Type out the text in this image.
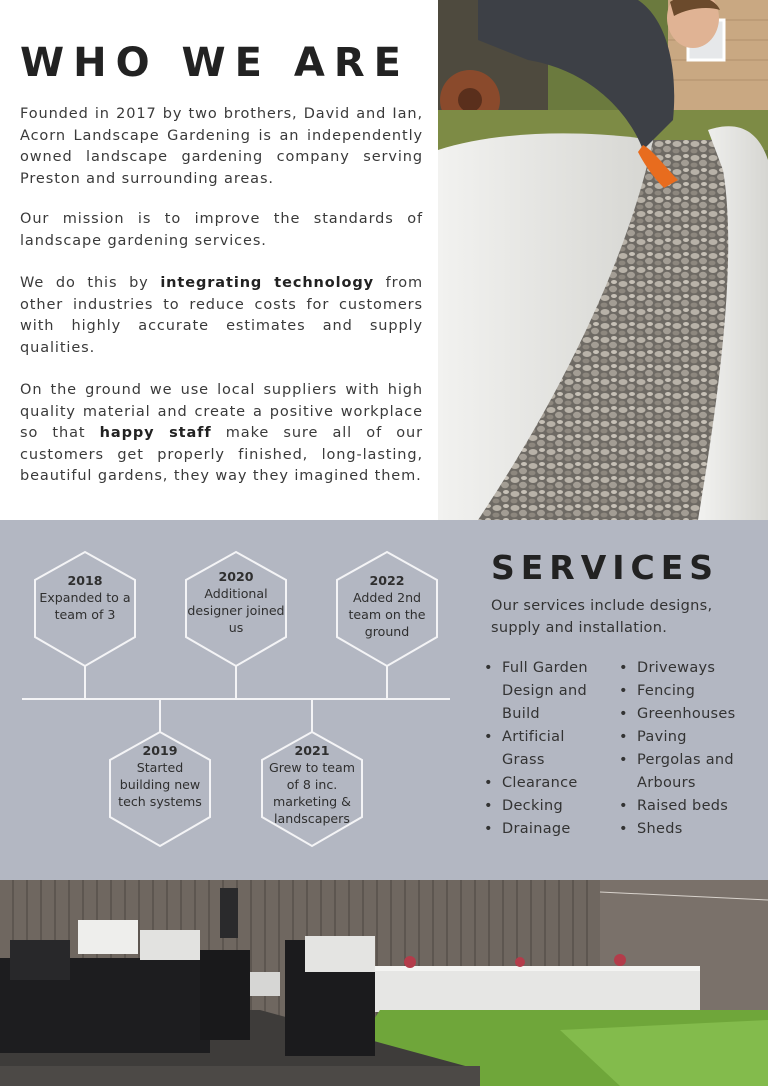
WHO WE ARE

Founded in 2017 by two brothers, David and Ian, Acorn Landscape Gardening is an independently owned landscape gardening company serving Preston and surrounding areas.

Our mission is to improve the standards of landscape gardening services.

We do this by integrating technology from other industries to reduce costs for customers with highly accurate estimates and supply qualities.

On the ground we use local suppliers with high quality material and create a positive workplace so that happy staff make sure all of our customers get properly finished, long-lasting, beautiful gardens, they way they imagined them.

2018
Expanded to a team of 3
2020
Additional designer joined us
2022
Added 2nd team on the ground
2019
Started building new tech systems
2021
Grew to team of 8 inc. marketing & landscapers
SERVICES

Our services include designs, supply and installation.

• Full Garden Design and Build
• Artificial Grass
• Clearance
• Decking
• Drainage
• Driveways
• Fencing
• Greenhouses
• Paving
• Pergolas and Arbours
• Raised beds
• Sheds
